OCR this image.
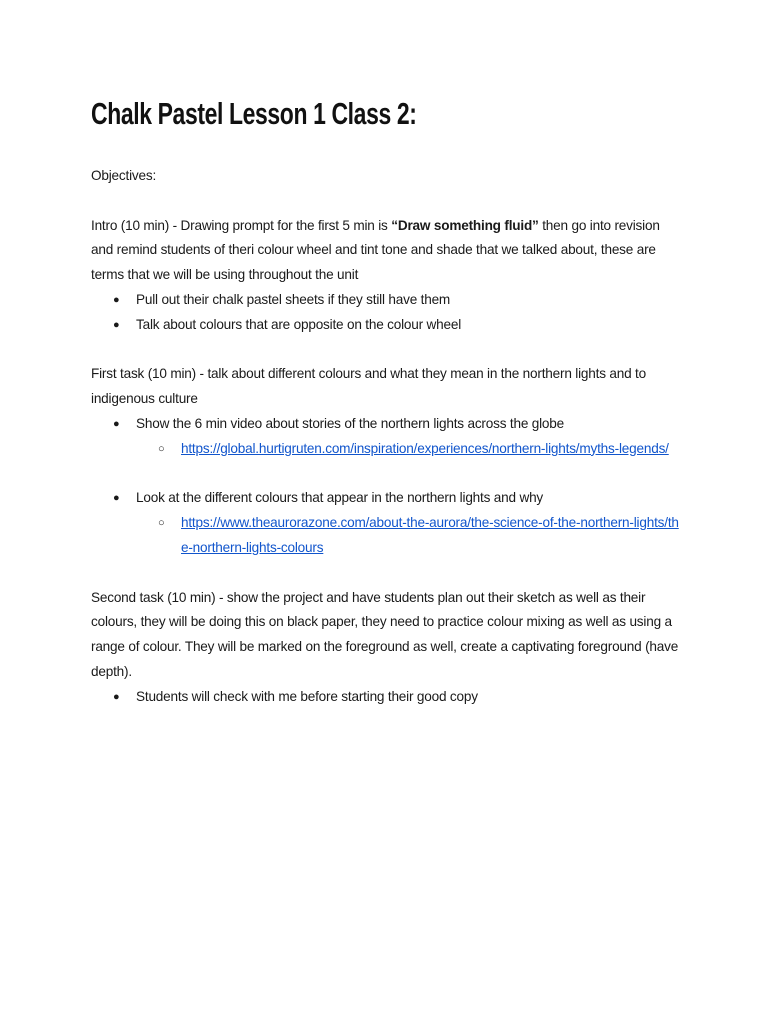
Chalk Pastel Lesson 1 Class 2:

Objectives:

Intro (10 min) - Drawing prompt for the first 5 min is “Draw something fluid” then go into revision and remind students of theri colour wheel and tint tone and shade that we talked about, these are terms that we will be using throughout the unit

● Pull out their chalk pastel sheets if they still have them
● Talk about colours that are opposite on the colour wheel

First task (10 min) - talk about different colours and what they mean in the northern lights and to indigenous culture

● Show the 6 min video about stories of the northern lights across the globe
○ https://global.hurtigruten.com/inspiration/experiences/northern-lights/myths-legends/
● Look at the different colours that appear in the northern lights and why
○ https://www.theaurorazone.com/about-the-aurora/the-science-of-the-northern-lights/the-northern-lights-colours

Second task (10 min) - show the project and have students plan out their sketch as well as their colours, they will be doing this on black paper, they need to practice colour mixing as well as using a range of colour. They will be marked on the foreground as well, create a captivating foreground (have depth).

● Students will check with me before starting their good copy
